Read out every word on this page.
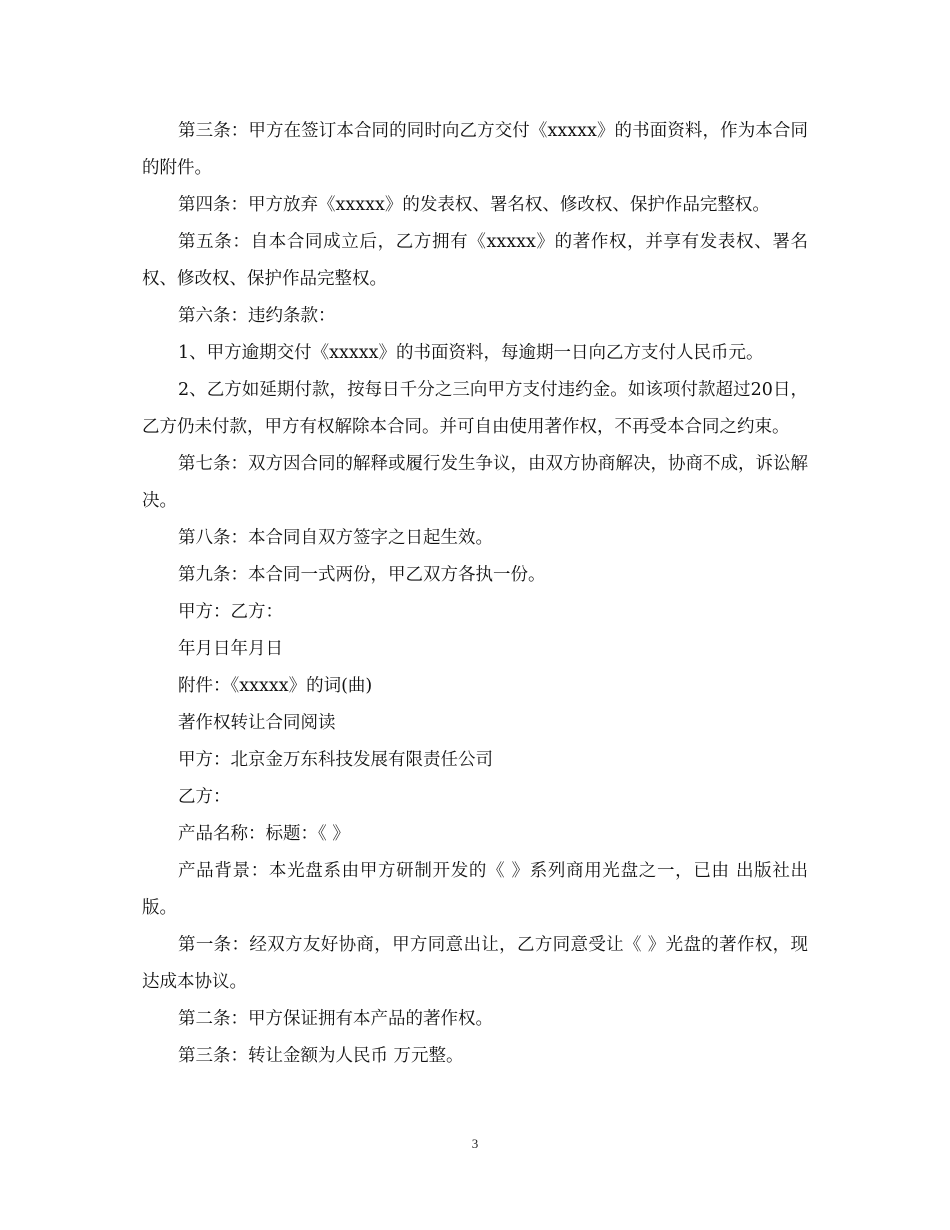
第三条：甲方在签订本合同的同时向乙方交付《xxxxx》的书面资料，作为本合同的附件。

第四条：甲方放弃《xxxxx》的发表权、署名权、修改权、保护作品完整权。

第五条：自本合同成立后，乙方拥有《xxxxx》的著作权，并享有发表权、署名权、修改权、保护作品完整权。

第六条：违约条款：

1、甲方逾期交付《xxxxx》的书面资料，每逾期一日向乙方支付人民币元。

2、乙方如延期付款，按每日千分之三向甲方支付违约金。如该项付款超过20日，乙方仍未付款，甲方有权解除本合同。并可自由使用著作权，不再受本合同之约束。

第七条：双方因合同的解释或履行发生争议，由双方协商解决，协商不成，诉讼解决。

第八条：本合同自双方签字之日起生效。

第九条：本合同一式两份，甲乙双方各执一份。

甲方：乙方：

年月日年月日

附件：《xxxxx》的词(曲)

著作权转让合同阅读

甲方：北京金万东科技发展有限责任公司

乙方：

产品名称：标题：《 》

产品背景：本光盘系由甲方研制开发的《 》系列商用光盘之一，已由 出版社出版。

第一条：经双方友好协商，甲方同意出让，乙方同意受让《 》光盘的著作权，现达成本协议。

第二条：甲方保证拥有本产品的著作权。

第三条：转让金额为人民币 万元整。

3
